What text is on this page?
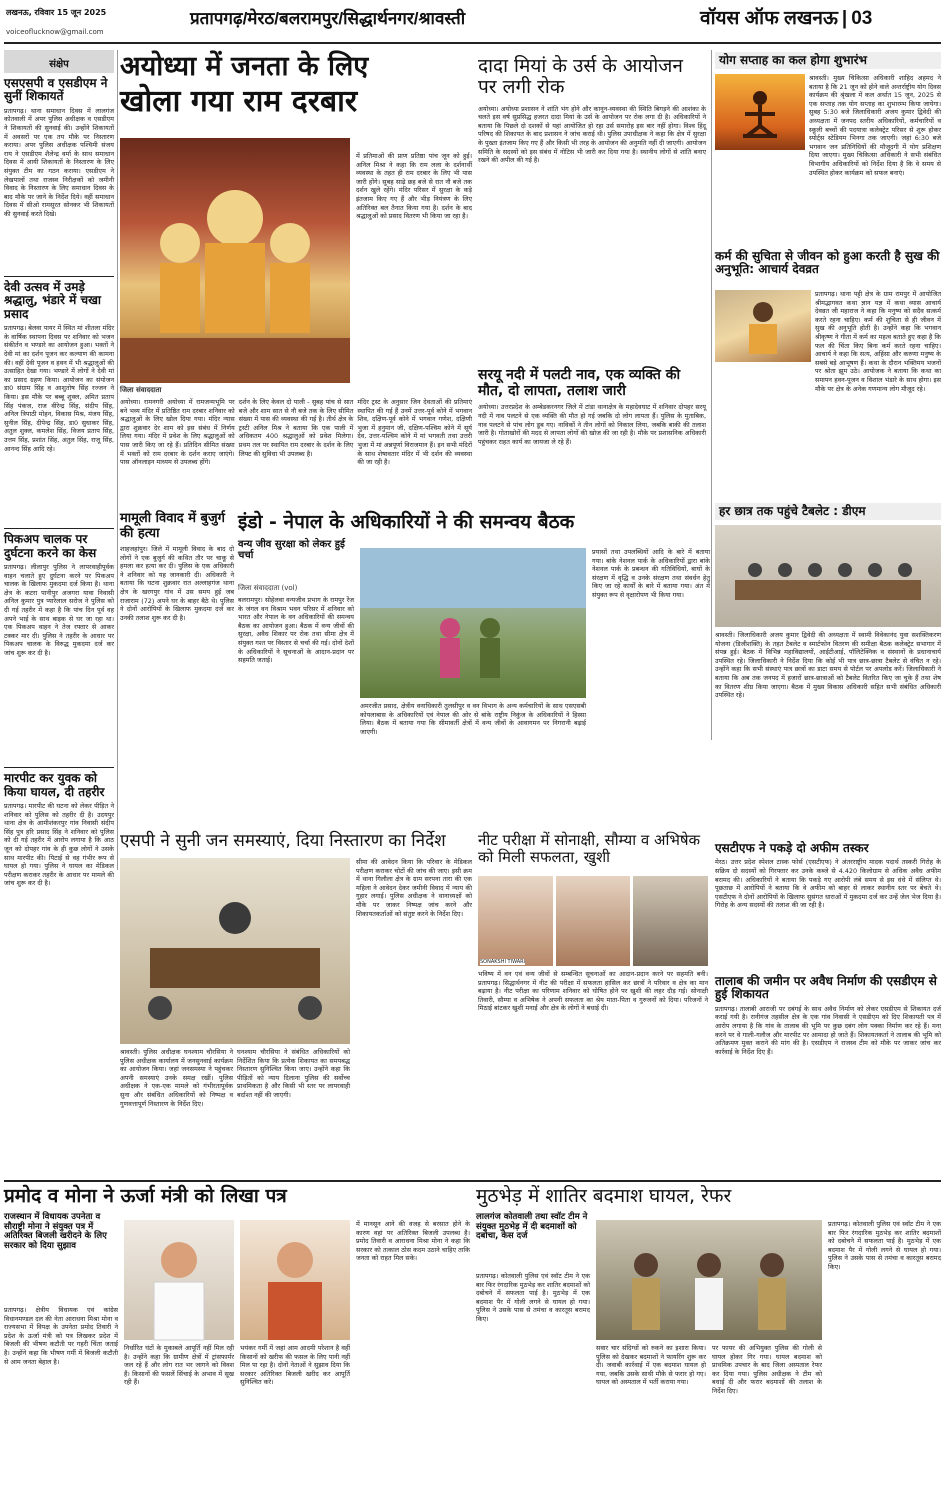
लखनऊ, रविवार 15 जून 2025
voiceoflucknow@gmail.com
प्रतापगढ़/मेरठ/बलरामपुर/सिद्धार्थनगर/श्रावस्ती	वॉयस ऑफ लखनऊ | 03
संक्षेप

एसएसपी व एसडीएम ने सुनीं शिकायतें

प्रतापगढ़। थाना समाधान दिवस में लालगंज कोतवाली में अपर पुलिस अधीक्षक व एसडीएम ने शिकायतों की सुनवाई की। उन्होंने शिकायतों में अवसरों पर एक तय मौके पर निस्तारण कराया। अपर पुलिस अधीक्षक पश्चिमी संजय राय ने एसडीएम शैलेन्द्र वर्मा के साथ समाधान दिवस में आयी शिकायतों के निस्तारण के लिए संयुक्त टीम का गठन कराया। एसडीएम ने लेखपालों तथा राजस्व निरीक्षकों को जमीनी विवाद के निस्तारण के लिए समाधान दिवस के बाद मौके पर जाने के निर्देश दिये। वहीं समाधान दिवस में सीओ रामसूरत सोनकर भी शिकायतों की सुनवाई करते दिखे।

देवी उत्सव में उमड़े श्रद्धालु, भंडारे में चखा प्रसाद

प्रतापगढ़। बेलवा पायर में स्थित मां शीतला मंदिर के वार्षिक स्थापना दिवस पर शनिवार को भजन संकीर्तन व भण्डारे का आयोजन हुआ। भक्तों ने देवी मां का दर्शन पूजन कर कल्याण की कामना की। वहीं देवी पूजन व हवन में भी श्रद्धालुओं की उत्साहित देखा गया। भण्डारे में लोगों ने देवी मां का प्रसाद ग्रहण किया। आयोजन का संयोजन डा0 संग्राम सिंह व आशुतोष सिंह रज्जन ने किया। इस मौके पर बब्बू शुक्ल, अमित प्रताप सिंह पंकज, राज वीरेन्द्र सिंह, संदीप सिंह, अनिल त्रिपाठी मोहन, विकास मिश्र, मंजय सिंह, सुनील सिंह, दीपेन्द्र सिंह, डा0 सुधाकर सिंह, अतुल शुक्ल, कमलेश सिंह, विजय प्रताप सिंह, उत्तम सिंह, प्रशांत सिंह, अतुल सिंह, राजू सिंह, आनन्द सिंह आदि रहे।

पिकअप चालक पर दुर्घटना करने का केस

प्रतापगढ़। लीलापुर पुलिस ने लापरवाहीपूर्वक वाहन चलाते हुए दुर्घटना करने पर पिकअप चालक के खिलाफ मुकदमा दर्ज किया है। थाना क्षेत्र के कटरा पानीपुर अजगरा यावा निवासी अनिल कुमार पुत्र प्यारेलाल सरोज ने पुलिस को दी गई तहरीर में कहा है कि पांच दिन पूर्व वह अपने भाई के साथ बाइक से घर जा रहा था। एक पिकअप वाहन ने तेज रफ्तार से आकर टक्कर मार दी। पुलिस ने तहरीर के आधार पर पिकअप चालक के विरुद्ध मुकदमा दर्ज कर जांच शुरू कर दी है।

मारपीट कर युवक को किया घायल, दी तहरीर

प्रतापगढ़। मारपीट की घटना को लेकर पीड़ित ने शनिवार को पुलिस को तहरीर दी है। उदयपुर थाना क्षेत्र के आमीशंकरपुर गांव निवासी संदीप सिंह पुत्र हरि प्रसाद सिंह ने शनिवार को पुलिस को दी गई तहरीर में आरोप लगाया है कि आठ जून को दोपहर गांव के ही कुछ लोगों ने उसके साथ मारपीट की। पिटाई से वह गंभीर रूप से घायल हो गया। पुलिस ने घायल का मेडिकल परीक्षण कराकर तहरीर के आधार पर मामले की जांच शुरू कर दी है।

अयोध्या में जनता के लिए

खोला गया राम दरबार

में प्रतिमाओं की प्राण प्रतिष्ठा पांच जून को हुई। अनिल मिश्रा ने कहा कि राम लला के दर्शनार्थी व्यवस्था के तहत ही राम दरबार के लिए भी पास जारी होंगे। सुबह साढ़े छह बजे से रात नौ बजे तक दर्शन खुले रहेंगे। मंदिर परिसर में सुरक्षा के कड़े इंतजाम किए गए हैं और भीड़ नियंत्रण के लिए अतिरिक्त बल तैनात किया गया है। दर्शन के बाद श्रद्धालुओं को प्रसाद वितरण भी किया जा रहा है।

जिला संवाददाता

अयोध्या। रामनगरी अयोध्या में रामजन्मभूमि पर बने भव्य मंदिर में प्रतिष्ठित राम दरबार शनिवार को श्रद्धालुओं के लिए खोल दिया गया। मंदिर न्यास द्वारा शुक्रवार देर शाम को इस संबंध में निर्णय लिया गया। मंदिर में प्रवेश के लिए श्रद्धालुओं को पास जारी किए जा रहे हैं। प्रतिदिन सीमित संख्या में भक्तों को राम दरबार के दर्शन कराए जाएंगे। पास ऑनलाइन माध्यम से उपलब्ध होंगे।

दर्शन के लिए केवल दो पाली - सुबह पांच से सात बजे और शाम सात से नौ बजे तक के लिए सीमित संख्या में पास की व्यवस्था की गई है। तीर्थ क्षेत्र के ट्रस्टी अनिल मिश्र ने बताया कि एक पाली में अधिकतम 400 श्रद्धालुओं को प्रवेश मिलेगा। प्रथम तल पर स्थापित राम दरबार के दर्शन के लिए लिफ्ट की सुविधा भी उपलब्ध है।

मंदिर ट्रस्ट के अनुसार जिन देवताओं की प्रतिमाएं स्थापित की गई हैं उनमें उत्तर-पूर्व कोने में भगवान शिव, दक्षिण-पूर्व कोने में भगवान गणेश, दक्षिणी भुजा में हनुमान जी, दक्षिण-पश्चिम कोने में सूर्य देव, उत्तर-पश्चिम कोने में मां भगवती तथा उत्तरी भुजा में मां अन्नपूर्णा विराजमान हैं। इन सभी मंदिरों के साथ शेषावतार मंदिर में भी दर्शन की व्यवस्था की जा रही है।

मामूली विवाद में बुजुर्ग की हत्या

शाहजहांपुर। जिले में मामूली विवाद के बाद दो लोगों ने एक बुजुर्ग की कथित तौर पर चाकू से हमला कर हत्या कर दी। पुलिस के एक अधिकारी ने शनिवार को यह जानकारी दी। अधिकारी ने बताया कि घटना शुक्रवार रात अल्लाहगंज थाना क्षेत्र के खरगपुर गांव में उस समय हुई जब राजाराम (72) अपने घर के बाहर बैठे थे। पुलिस ने दोनों आरोपियों के खिलाफ मुकदमा दर्ज कर उनकी तलाश शुरू कर दी है।

दादा मियां के उर्स के आयोजन पर लगी रोक

अयोध्या। अयोध्या प्रशासन ने शांति भंग होने और कानून-व्यवस्था की स्थिति बिगड़ने की आशंका के चलते इस वर्ष सुप्रसिद्ध हजरत दादा मियां के उर्स के आयोजन पर रोक लगा दी है। अधिकारियों ने बताया कि पिछले दो दशकों से यहां आयोजित हो रहा उर्स समारोह इस बार नहीं होगा। विश्व हिंदू परिषद की शिकायत के बाद प्रशासन ने जांच कराई थी। पुलिस उपाधीक्षक ने कहा कि क्षेत्र में सुरक्षा के पुख्ता इंतजाम किए गए हैं और किसी भी तरह के आयोजन की अनुमति नहीं दी जाएगी। आयोजन समिति के सदस्यों को इस संबंध में नोटिस भी जारी कर दिया गया है। स्थानीय लोगों से शांति बनाए रखने की अपील की गई है।

सरयू नदी में पलटी नाव, एक व्यक्ति की मौत, दो लापता, तलाश जारी

अयोध्या। उत्तरप्रदेश के अम्बेडकरनगर जिले में टांडा थानाक्षेत्र के महादेवघाट में शनिवार दोपहर सरयू नदी में नाव पलटने से एक व्यक्ति की मौत हो गई जबकि दो लोग लापता हैं। पुलिस के मुताबिक, नाव पलटने से पांच लोग डूब गए। नाविकों ने तीन लोगों को निकाल लिया, जबकि बाकी की तलाश जारी है। गोताखोरों की मदद से लापता लोगों की खोज की जा रही है। मौके पर प्रशासनिक अधिकारी पहुंचकर राहत कार्य का जायजा ले रहे हैं।

योग सप्ताह का कल होगा शुभारंभ

श्रावस्ती। मुख्य चिकित्सा अधिकारी शाहिद अहमद ने बताया है कि 21 जून को होने वाले अन्तर्राष्ट्रीय योग दिवस कार्यक्रम की श्रृंखला में कल अर्थात 15 जून, 2025 से एक सप्ताह तक योग सप्ताह का शुभारम्भ किया जायेगा। सुबह 5:30 बजे जिलाधिकारी अजय कुमार द्विवेदी की अध्यक्षता में जनपद स्तरीय अधिकारियों, कर्मचारियों व स्कूली बच्चों की पदयात्रा कलेक्ट्रेट परिसर से शुरू होकर स्पोर्ट्स स्टेडियम भिनगा तक जाएगी। जहां 6:30 बजे भगवान जन प्रतिनिधियों की मौजूदगी में योग प्रशिक्षण दिया जाएगा। मुख्य चिकित्सा अधिकारी ने सभी संबंधित विभागीय अधिकारियों को निर्देश दिया है कि वे समय से उपस्थित होकर कार्यक्रम को सफल बनाएं।

कर्म की सुचिता से जीवन को हुआ करती है सुख की अनुभूति: आचार्य देवव्रत

प्रतापगढ़। थाना पट्टी क्षेत्र के ग्राम रामपुर में आयोजित श्रीमद्भागवत कथा ज्ञान यज्ञ में कथा व्यास आचार्य देवव्रत जी महाराज ने कहा कि मनुष्य को सदैव सत्कर्म करते रहना चाहिए। कर्म की शुचिता से ही जीवन में सुख की अनुभूति होती है। उन्होंने कहा कि भगवान श्रीकृष्ण ने गीता में कर्म का महत्व बताते हुए कहा है कि फल की चिंता किए बिना कर्म करते रहना चाहिए। आचार्य ने कहा कि सत्य, अहिंसा और करुणा मनुष्य के सबसे बड़े आभूषण हैं। कथा के दौरान भक्तिमय भजनों पर श्रोता झूम उठे। आयोजक ने बताया कि कथा का समापन हवन-पूजन व विशाल भंडारे के साथ होगा। इस मौके पर क्षेत्र के अनेक गणमान्य लोग मौजूद रहे।

हर छात्र तक पहुंचे टैबलेट : डीएम

श्रावस्ती। जिलाधिकारी अजय कुमार द्विवेदी की अध्यक्षता में स्वामी विवेकानंद युवा सशक्तिकरण योजना (डिजीशक्ति) के तहत टैबलेट व स्मार्टफोन वितरण की समीक्षा बैठक कलेक्ट्रेट सभागार में संपन्न हुई। बैठक में विभिन्न महाविद्यालयों, आईटीआई, पॉलिटेक्निक व संस्थानों के प्रधानाचार्य उपस्थित रहे। जिलाधिकारी ने निर्देश दिया कि कोई भी पात्र छात्र-छात्रा टैबलेट से वंचित न रहे। उन्होंने कहा कि सभी संस्थाएं पात्र छात्रों का डाटा समय से पोर्टल पर अपलोड करें। जिलाधिकारी ने बताया कि अब तक जनपद में हजारों छात्र-छात्राओं को टैबलेट वितरित किए जा चुके हैं तथा शेष का वितरण शीघ्र किया जाएगा। बैठक में मुख्य विकास अधिकारी सहित सभी संबंधित अधिकारी उपस्थित रहे।

एसटीएफ ने पकड़े दो अफीम तस्कर

मेरठ। उत्तर प्रदेश स्पेशल टास्क फोर्स (एसटीएफ) ने अंतरराष्ट्रीय मादक पदार्थ तस्करी गिरोह के सक्रिय दो सदस्यों को गिरफ्तार कर उनके कब्जे से 4.420 किलोग्राम से अधिक अवैध अफीम बरामद की। अधिकारियों ने बताया कि पकड़े गए आरोपी लंबे समय से इस धंधे में संलिप्त थे। पूछताछ में आरोपियों ने बताया कि वे अफीम को बाहर से लाकर स्थानीय स्तर पर बेचते थे। एसटीएफ ने दोनों आरोपियों के खिलाफ सुसंगत धाराओं में मुकदमा दर्ज कर उन्हें जेल भेज दिया है। गिरोह के अन्य सदस्यों की तलाश की जा रही है।

तालाब की जमीन पर अवैध निर्माण की एसडीएम से हुई शिकायत

प्रतापगढ़। तालाबी आराजी पर दबंगई के साथ अवैध निर्माण को लेकर एसडीएम से शिकायत दर्ज कराई गयी है। रानीगंज तहसील क्षेत्र के एक गांव निवासी ने एसडीएम को दिए शिकायती पत्र में आरोप लगाया है कि गांव के तालाब की भूमि पर कुछ दबंग लोग पक्का निर्माण कर रहे हैं। मना करने पर वे गाली-गलौज और मारपीट पर आमादा हो जाते हैं। शिकायतकर्ता ने तालाब की भूमि को अतिक्रमण मुक्त कराने की मांग की है। एसडीएम ने राजस्व टीम को मौके पर जाकर जांच कर कार्रवाई के निर्देश दिए हैं।

इंडो - नेपाल के अधिकारियों ने की समन्वय बैठक

वन्य जीव सुरक्षा को लेकर हुई चर्चा

जिला संवाददाता (vol)

बलरामपुर। सोहेलवा वन्यजीव प्रभाग के रामपुर रेंज के जंगल वन विश्राम भवन परिसर में शनिवार को भारत और नेपाल के वन अधिकारियों की समन्वय बैठक का आयोजन हुआ। बैठक में वन्य जीवों की सुरक्षा, अवैध शिकार पर रोक तथा सीमा क्षेत्र में संयुक्त गश्त पर विस्तार से चर्चा की गई। दोनों देशों के अधिकारियों ने सूचनाओं के आदान-प्रदान पर सहमति जताई।

अमरजीत प्रसाद, क्षेत्रीय वनाधिकारी तुलसीपुर व वन विभाग के अन्य कर्मचारियों के साथ एसएसबी कोयलाबास के अधिकारियों एवं नेपाल की ओर से बांके राष्ट्रीय निकुंज के अधिकारियों ने हिस्सा लिया। बैठक में बताया गया कि सीमावर्ती क्षेत्रों में वन्य जीवों के आवागमन पर निगरानी बढ़ाई जाएगी।

प्रयासों तथा उपलब्धियों आदि के बारे में बताया गया। बांके नेशनल पार्क के अधिकारियों द्वारा बांके नेशनल पार्क के प्रबन्धन की गतिविधियों, बाघों के संरक्षण में वृद्धि व उनके संरक्षण तथा संवर्धन हेतु किए जा रहे कार्यों के बारे में बताया गया। अंत में संयुक्त रूप से वृक्षारोपण भी किया गया।

एसपी ने सुनी जन समस्याएं, दिया निस्तारण का निर्देश

सीमा की आवेदन किया कि परिवार के मेडिकल परीक्षण कराकर चोटों की जांच की जाए। इसी क्रम में थाना गिलौला क्षेत्र के ग्राम सरपना तारा की एक महिला ने आवेदन देकर जमीनी विवाद में न्याय की गुहार लगाई। पुलिस अधीक्षक ने थानाध्यक्षों को मौके पर जाकर निष्पक्ष जांच करने और शिकायतकर्ताओं को संतुष्ट करने के निर्देश दिए।

श्रावस्ती। पुलिस अधीक्षक घनश्याम चौरसिया ने पुलिस अधीक्षक कार्यालय में जनसुनवाई कार्यक्रम का आयोजन किया। जहां जनसमस्या ने पहुंचकर अपनी समस्याएं उनके समक्ष रखीं। पुलिस अधीक्षक ने एक-एक मामले को गंभीरतापूर्वक सुना और संबंधित अधिकारियों को निष्पक्ष व गुणवत्तापूर्ण निस्तारण के निर्देश दिए।

घनश्याम चौरसिया ने संबंधित अधिकारियों को निर्देशित किया कि प्रत्येक शिकायत का समयबद्ध निस्तारण सुनिश्चित किया जाए। उन्होंने कहा कि पीड़ितों को न्याय दिलाना पुलिस की सर्वोच्च प्राथमिकता है और किसी भी स्तर पर लापरवाही बर्दाश्त नहीं की जाएगी।

नीट परीक्षा में सोनाक्षी, सौम्या व अभिषेक को मिली सफलता, खुशी

SONAKSHI TIWARI

भविष्य में वन एवं वन्य जीवों से सम्बन्धित सूचनाओं का आदान-प्रदान करने पर सहमति बनी। प्रतापगढ़। सिद्धार्थनगर में नीट की परीक्षा में सफलता हासिल कर छात्रों ने परिवार व क्षेत्र का मान बढ़ाया है। नीट परीक्षा का परिणाम शनिवार को घोषित होने पर खुशी की लहर दौड़ गई। सोनाक्षी तिवारी, सौम्या व अभिषेक ने अपनी सफलता का श्रेय माता-पिता व गुरुजनों को दिया। परिजनों ने मिठाई बांटकर खुशी मनाई और क्षेत्र के लोगों ने बधाई दी।

प्रमोद व मोना ने ऊर्जा मंत्री को लिखा पत्र

राजस्थान में विधायक उपनेता व सौराष्ट्री मोना ने संयुक्त पत्र में अतिरिक्त बिजली खरीदने के लिए सरकार को दिया सुझाव

प्रतापगढ़। क्षेत्रीय विधायक एवं कांग्रेस विधानमण्डल दल की नेता आराधना मिश्रा मोना व राज्यसभा में विपक्ष के उपनेता प्रमोद तिवारी ने प्रदेश के ऊर्जा मंत्री को पत्र लिखकर प्रदेश में बिजली की भीषण कटौती पर गहरी चिंता जताई है। उन्होंने कहा कि भीषण गर्मी में बिजली कटौती से आम जनता बेहाल है।

निर्धारित घंटों के मुकाबले आपूर्ति नहीं मिल रही है। उन्होंने कहा कि ग्रामीण क्षेत्रों में ट्रांसफार्मर जल रहे हैं और लोग रात भर जागने को विवश हैं। किसानों की फसलें सिंचाई के अभाव में सूख रही हैं।

भयंकर गर्मी में जहां आम आदमी परेशान है वहीं किसानों को खरीफ की फसल के लिए पानी नहीं मिल पा रहा है। दोनों नेताओं ने सुझाव दिया कि सरकार अतिरिक्त बिजली खरीद कर आपूर्ति सुनिश्चित करे।

में मानसून आने की वजह से बरसात होने के कारण वहां पर अतिरिक्त बिजली उपलब्ध है। प्रमोद तिवारी व आराधना मिश्रा मोना ने कहा कि सरकार को तत्काल ठोस कदम उठाने चाहिए ताकि जनता को राहत मिल सके।

मुठभेड़ में शातिर बदमाश घायल, रेफर

लालगंज कोतवाली तथा स्वॉट टीम ने संयुक्त मुठभेड़ में दी बदमाशों को दबोचा, केस दर्ज

प्रतापगढ़। कोतवाली पुलिस एवं स्वॉट टीम ने एक बार फिर रंगदारिक मुठभेड़ कर शातिर बदमाशों को दबोचने में सफलता पाई है। मुठभेड़ में एक बदमाश पैर में गोली लगने से घायल हो गया। पुलिस ने उसके पास से तमंचा व कारतूस बरामद किए।

सवार चार संदिग्धों को रुकने का इशारा किया। पुलिस को देखकर बदमाशों ने फायरिंग शुरू कर दी। जवाबी कार्रवाई में एक बदमाश घायल हो गया, जबकि उसके साथी मौके से फरार हो गए। घायल को अस्पताल में भर्ती कराया गया।

पर फायर की अभियुक्त पुलिस की गोली से घायल होकर गिर गया। घायल बदमाश को प्राथमिक उपचार के बाद जिला अस्पताल रेफर कर दिया गया। पुलिस अधीक्षक ने टीम को बधाई दी और फरार बदमाशों की तलाश के निर्देश दिए।

प्रतापगढ़। कोतवाली पुलिस एवं स्वॉट टीम ने एक बार फिर रंगदारिक मुठभेड़ कर शातिर बदमाशों को दबोचने में सफलता पाई है। मुठभेड़ में एक बदमाश पैर में गोली लगने से घायल हो गया। पुलिस ने उसके पास से तमंचा व कारतूस बरामद किए।
